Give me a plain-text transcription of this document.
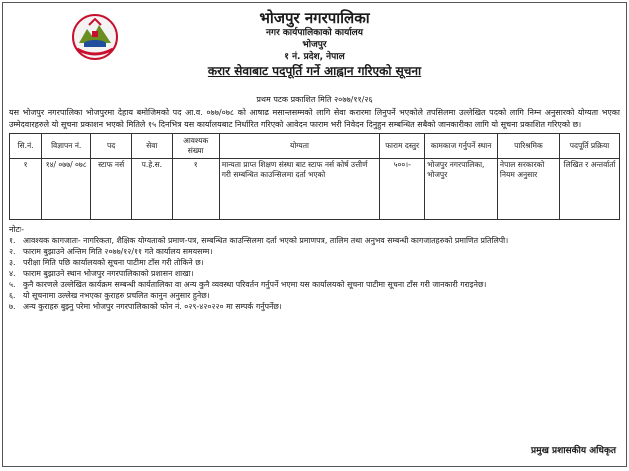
भोजपुर नगरपालिका
नगर कार्यपालिकाको कार्यालय
भोजपुर
१ नं. प्रदेश, नेपाल
करार सेवाबाट पदपूर्ति गर्ने आह्वान गरिएको सूचना
प्रथम पटक प्रकाशित मिति २०७७/११/२६
यस भोजपुर नगरपालिका भोजपुरमा देहाय बमोजिमको पद आ.व. ०७७/०७८ को आषाढ मसान्तसम्मको लागि सेवा करारमा लिनुपर्ने भएकोले तपसिलमा उल्लेखित पदको लागि निम्न अनुसारको योग्यता भएका उम्मेदवारहरुले यो सूचना प्रकाशन भएको मितिले १५ दिनभित्र यस कार्यालयबाट निर्धारित गरिएको आवेदन फाराम भरी निवेदन दिनुहुन सम्बन्धित सबैको जानकारीका लागि यो सूचना प्रकाशित गरिएको छ।
सि.नं.	विज्ञापन नं.	पद	सेवा	आवश्यक संख्या	योग्यता	फाराम दस्तुर	कामकाज गर्नुपर्ने स्थान	पारिश्रमिक	पदपूर्ति प्रक्रिया
१	१४/ ०७७/ ०७८	स्टाफ नर्स	प.हे.स.	१	मान्यता प्राप्त शिक्षण संस्था बाट स्टाफ नर्स कोर्ष उत्तीर्ण गरी सम्बन्धित काउन्सिलमा दर्ता भएको	५००।-	भोजपुर नगरपालिका, भोजपुर	नेपाल सरकारको नियम अनुसार	लिखित र अन्तर्वार्ता
नोटः-
१. आवश्यक कागजातः- नागरिकता, शैक्षिक योग्यताको प्रमाण-पत्र, सम्बन्धित काउन्सिलमा दर्ता भएको प्रमाणपत्र, तालिम तथा अनुभव सम्बन्धी कागजातहरुको प्रमाणित प्रतिलिपी।
२. फाराम बुझाउने अन्तिम मिति २०७७/१२/११ गते कार्यालय समयसम्म।
३. परीक्षा मिति पछि कार्यालयको सूचना पाटीमा टाँस गरी तोकिने छ।
४. फाराम बुझाउने स्थान भोजपुर नगरपालिकाको प्रशासन शाखा।
५. कुनै कारणले उल्लेखित कार्यक्रम सम्बन्धी कार्यतालिका वा अन्य कुनै व्यवस्था परिवर्तन गर्नुपर्ने भएमा यस कार्यालयको सूचना पाटीमा सूचना टाँस गरी जानकारी गराइनेछ।
६. यो सूचनामा उल्लेख नभएका कुराहरु प्रचलित कानुन अनुसार हुनेछ।
७. अन्य कुराहरु बुझ्नु परेमा भोजपुर नगरपालिकाको फोन नं. ०२९-४२०२२० मा सम्पर्क गर्नुपर्नेछ।
प्रमुख प्रशासकीय अधिकृत
